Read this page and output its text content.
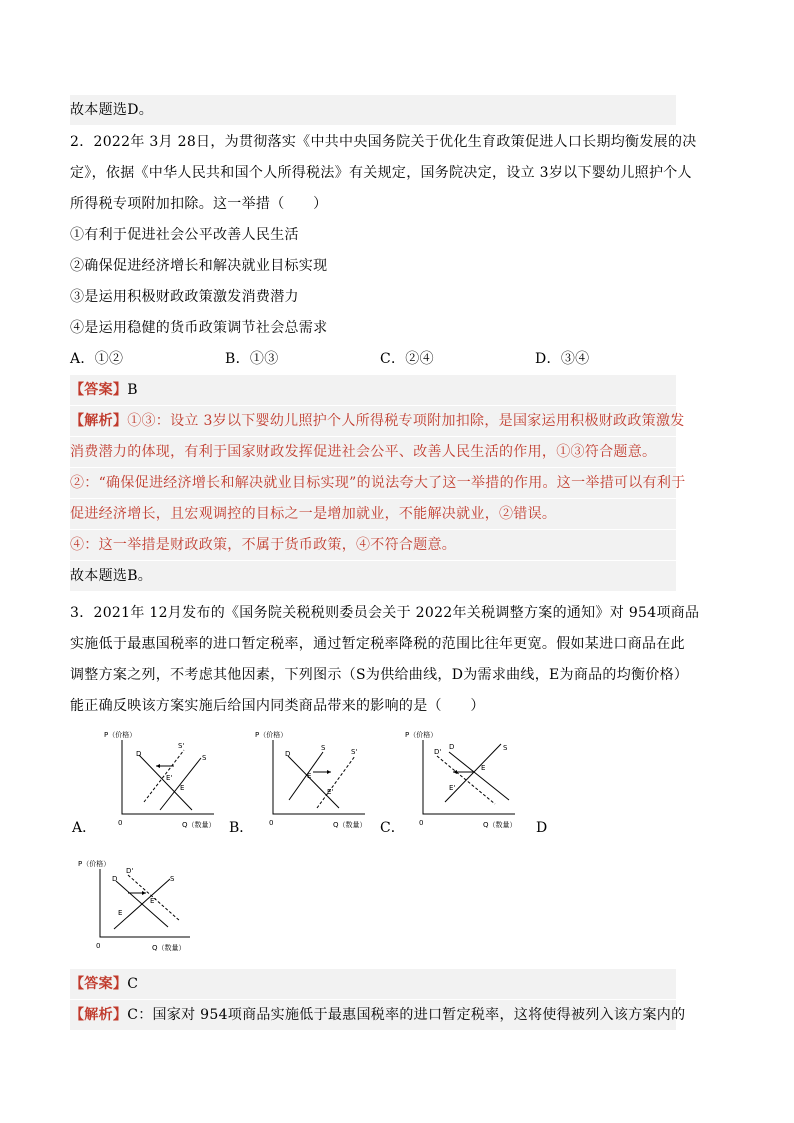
故本题选D。
2．2022年 3月 28日，为贯彻落实《中共中央国务院关于优化生育政策促进人口长期均衡发展的决
定》，依据《中华人民共和国个人所得税法》有关规定，国务院决定，设立 3岁以下婴幼儿照护个人
所得税专项附加扣除。这一举措（　　）
①有利于促进社会公平改善人民生活
②确保促进经济增长和解决就业目标实现
③是运用积极财政政策激发消费潜力
④是运用稳健的货币政策调节社会总需求
A．①②	B．①③	C．②④	D．③④
【答案】B
【解析】①③：设立 3岁以下婴幼儿照护个人所得税专项附加扣除，是国家运用积极财政政策激发
消费潜力的体现，有利于国家财政发挥促进社会公平、改善人民生活的作用，①③符合题意。
②：“确保促进经济增长和解决就业目标实现”的说法夸大了这一举措的作用。这一举措可以有利于
促进经济增长，且宏观调控的目标之一是增加就业，不能解决就业，②错误。
④：这一举措是财政政策，不属于货币政策，④不符合题意。
故本题选B。
3．2021年 12月发布的《国务院关税税则委员会关于 2022年关税调整方案的通知》对 954项商品
实施低于最惠国税率的进口暂定税率，通过暂定税率降税的范围比往年更宽。假如某进口商品在此
调整方案之列，不考虑其他因素，下列图示（S为供给曲线，D为需求曲线，E为商品的均衡价格）
能正确反映该方案实施后给国内同类商品带来的影响的是（　　）
P（价格）
0	Q（数量）
D
S'
S
E'
E
A．
P（价格）
0	Q（数量）
D
S	S'
E
E'
B．
P（价格）
0	Q（数量）
D'
D	S
E
E'
C．	D
P（价格）
0	Q（数量）
D'
D	S
E'
E
【答案】C
【解析】C：国家对 954项商品实施低于最惠国税率的进口暂定税率，这将使得被列入该方案内的
